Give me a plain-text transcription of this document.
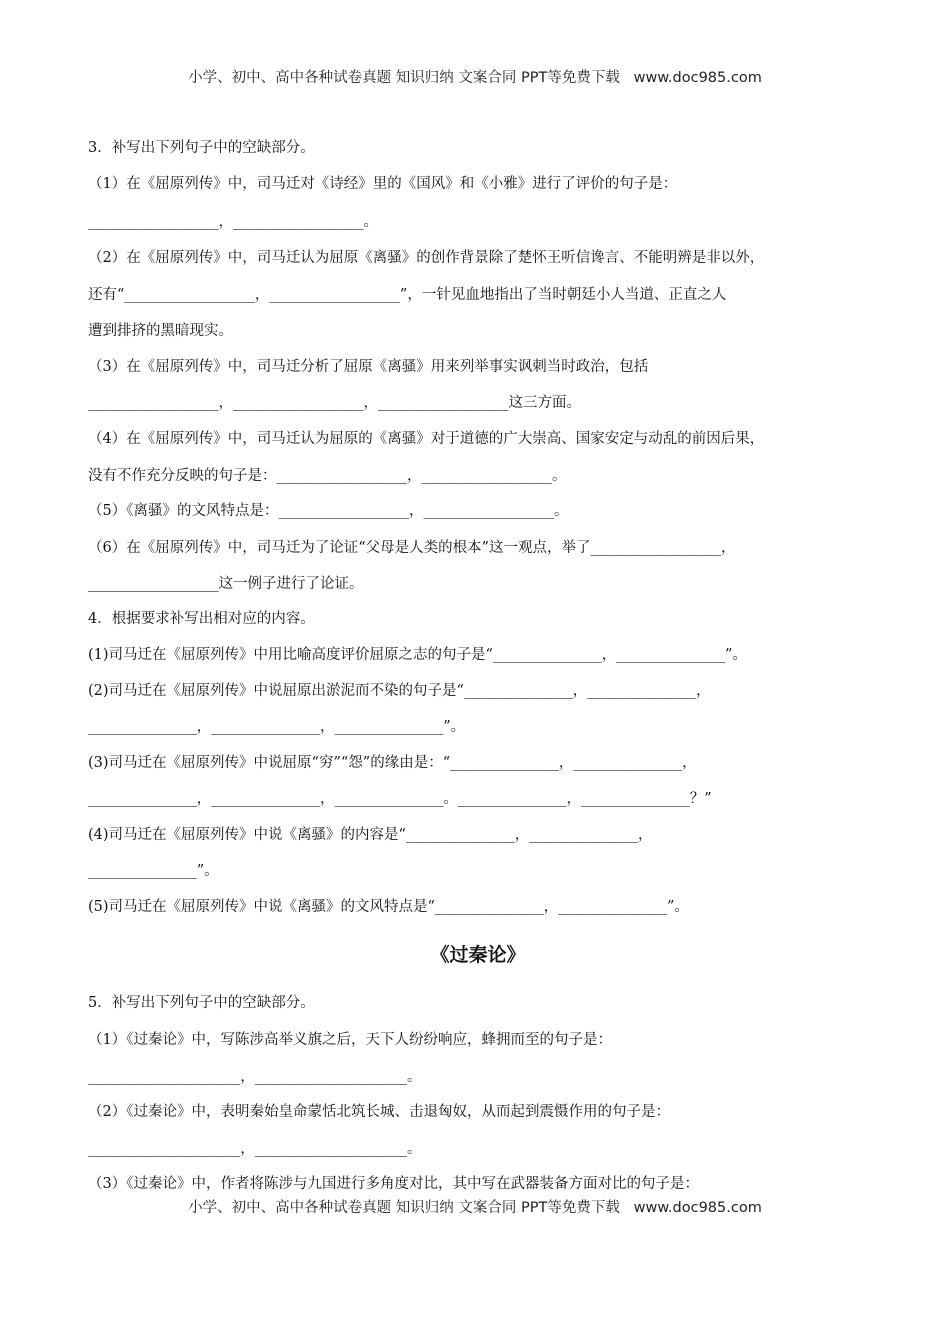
小学、初中、高中各种试卷真题 知识归纳 文案合同 PPT等免费下载   www.doc985.com
3．补写出下列句子中的空缺部分。
（1）在《屈原列传》中，司马迁对《诗经》里的《国风》和《小雅》进行了评价的句子是：
__________________，__________________。
（2）在《屈原列传》中，司马迁认为屈原《离骚》的创作背景除了楚怀王听信谗言、不能明辨是非以外，
还有“__________________，__________________”，一针见血地指出了当时朝廷小人当道、正直之人
遭到排挤的黑暗现实。
（3）在《屈原列传》中，司马迁分析了屈原《离骚》用来列举事实讽刺当时政治，包括
__________________，__________________，__________________这三方面。
（4）在《屈原列传》中，司马迁认为屈原的《离骚》对于道德的广大崇高、国家安定与动乱的前因后果，
没有不作充分反映的句子是：__________________，__________________。
（5）《离骚》的文风特点是：__________________，__________________。
（6）在《屈原列传》中，司马迁为了论证“父母是人类的根本”这一观点，举了__________________，
__________________这一例子进行了论证。
4．根据要求补写出相对应的内容。
(1)司马迁在《屈原列传》中用比喻高度评价屈原之志的句子是“_______________，_______________”。
(2)司马迁在《屈原列传》中说屈原出淤泥而不染的句子是“_______________，_______________，
_______________，_______________，_______________”。
(3)司马迁在《屈原列传》中说屈原“穷”“怨”的缘由是：“_______________，_______________，
_______________，_______________，_______________。_______________，_______________？”
(4)司马迁在《屈原列传》中说《离骚》的内容是“_______________，_______________，
_______________”。
(5)司马迁在《屈原列传》中说《离骚》的文风特点是“_______________，_______________”。
《过秦论》
5．补写出下列句子中的空缺部分。
（1）《过秦论》中，写陈涉高举义旗之后，天下人纷纷响应，蜂拥而至的句子是：
_____________________，_____________________。
（2）《过秦论》中，表明秦始皇命蒙恬北筑长城、击退匈奴，从而起到震慑作用的句子是：
_____________________，_____________________。
（3）《过秦论》中，作者将陈涉与九国进行多角度对比，其中写在武器装备方面对比的句子是：
小学、初中、高中各种试卷真题 知识归纳 文案合同 PPT等免费下载   www.doc985.com
